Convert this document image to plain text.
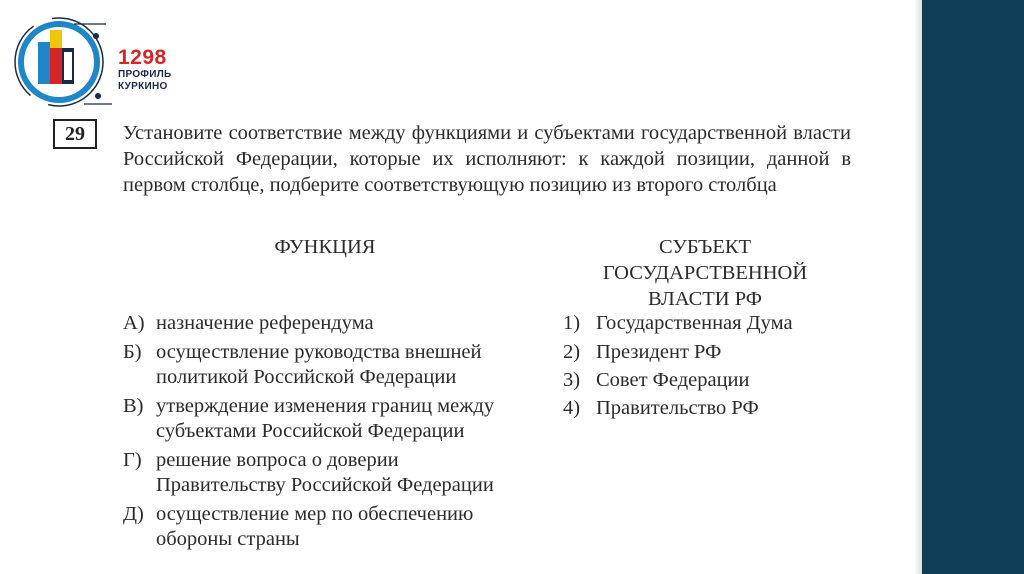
1298
ПРОФИЛЬ
КУРКИНО
29	Установите соответствие между функциями и субъектами государственной власти Российской Федерации, которые их исполняют: к каждой позиции, данной в первом столбце, подберите соответствующую позицию из второго столбца
ФУНКЦИЯ	СУБЪЕКТ
ГОСУДАРСТВЕННОЙ
ВЛАСТИ РФ
А) назначение референдума
Б) осуществление руководства внешней
политикой Российской Федерации
В) утверждение изменения границ между
субъектами Российской Федерации
Г) решение вопроса о доверии
Правительству Российской Федерации
Д) осуществление мер по обеспечению
обороны страны
1) Государственная Дума
2) Президент РФ
3) Совет Федерации
4) Правительство РФ
